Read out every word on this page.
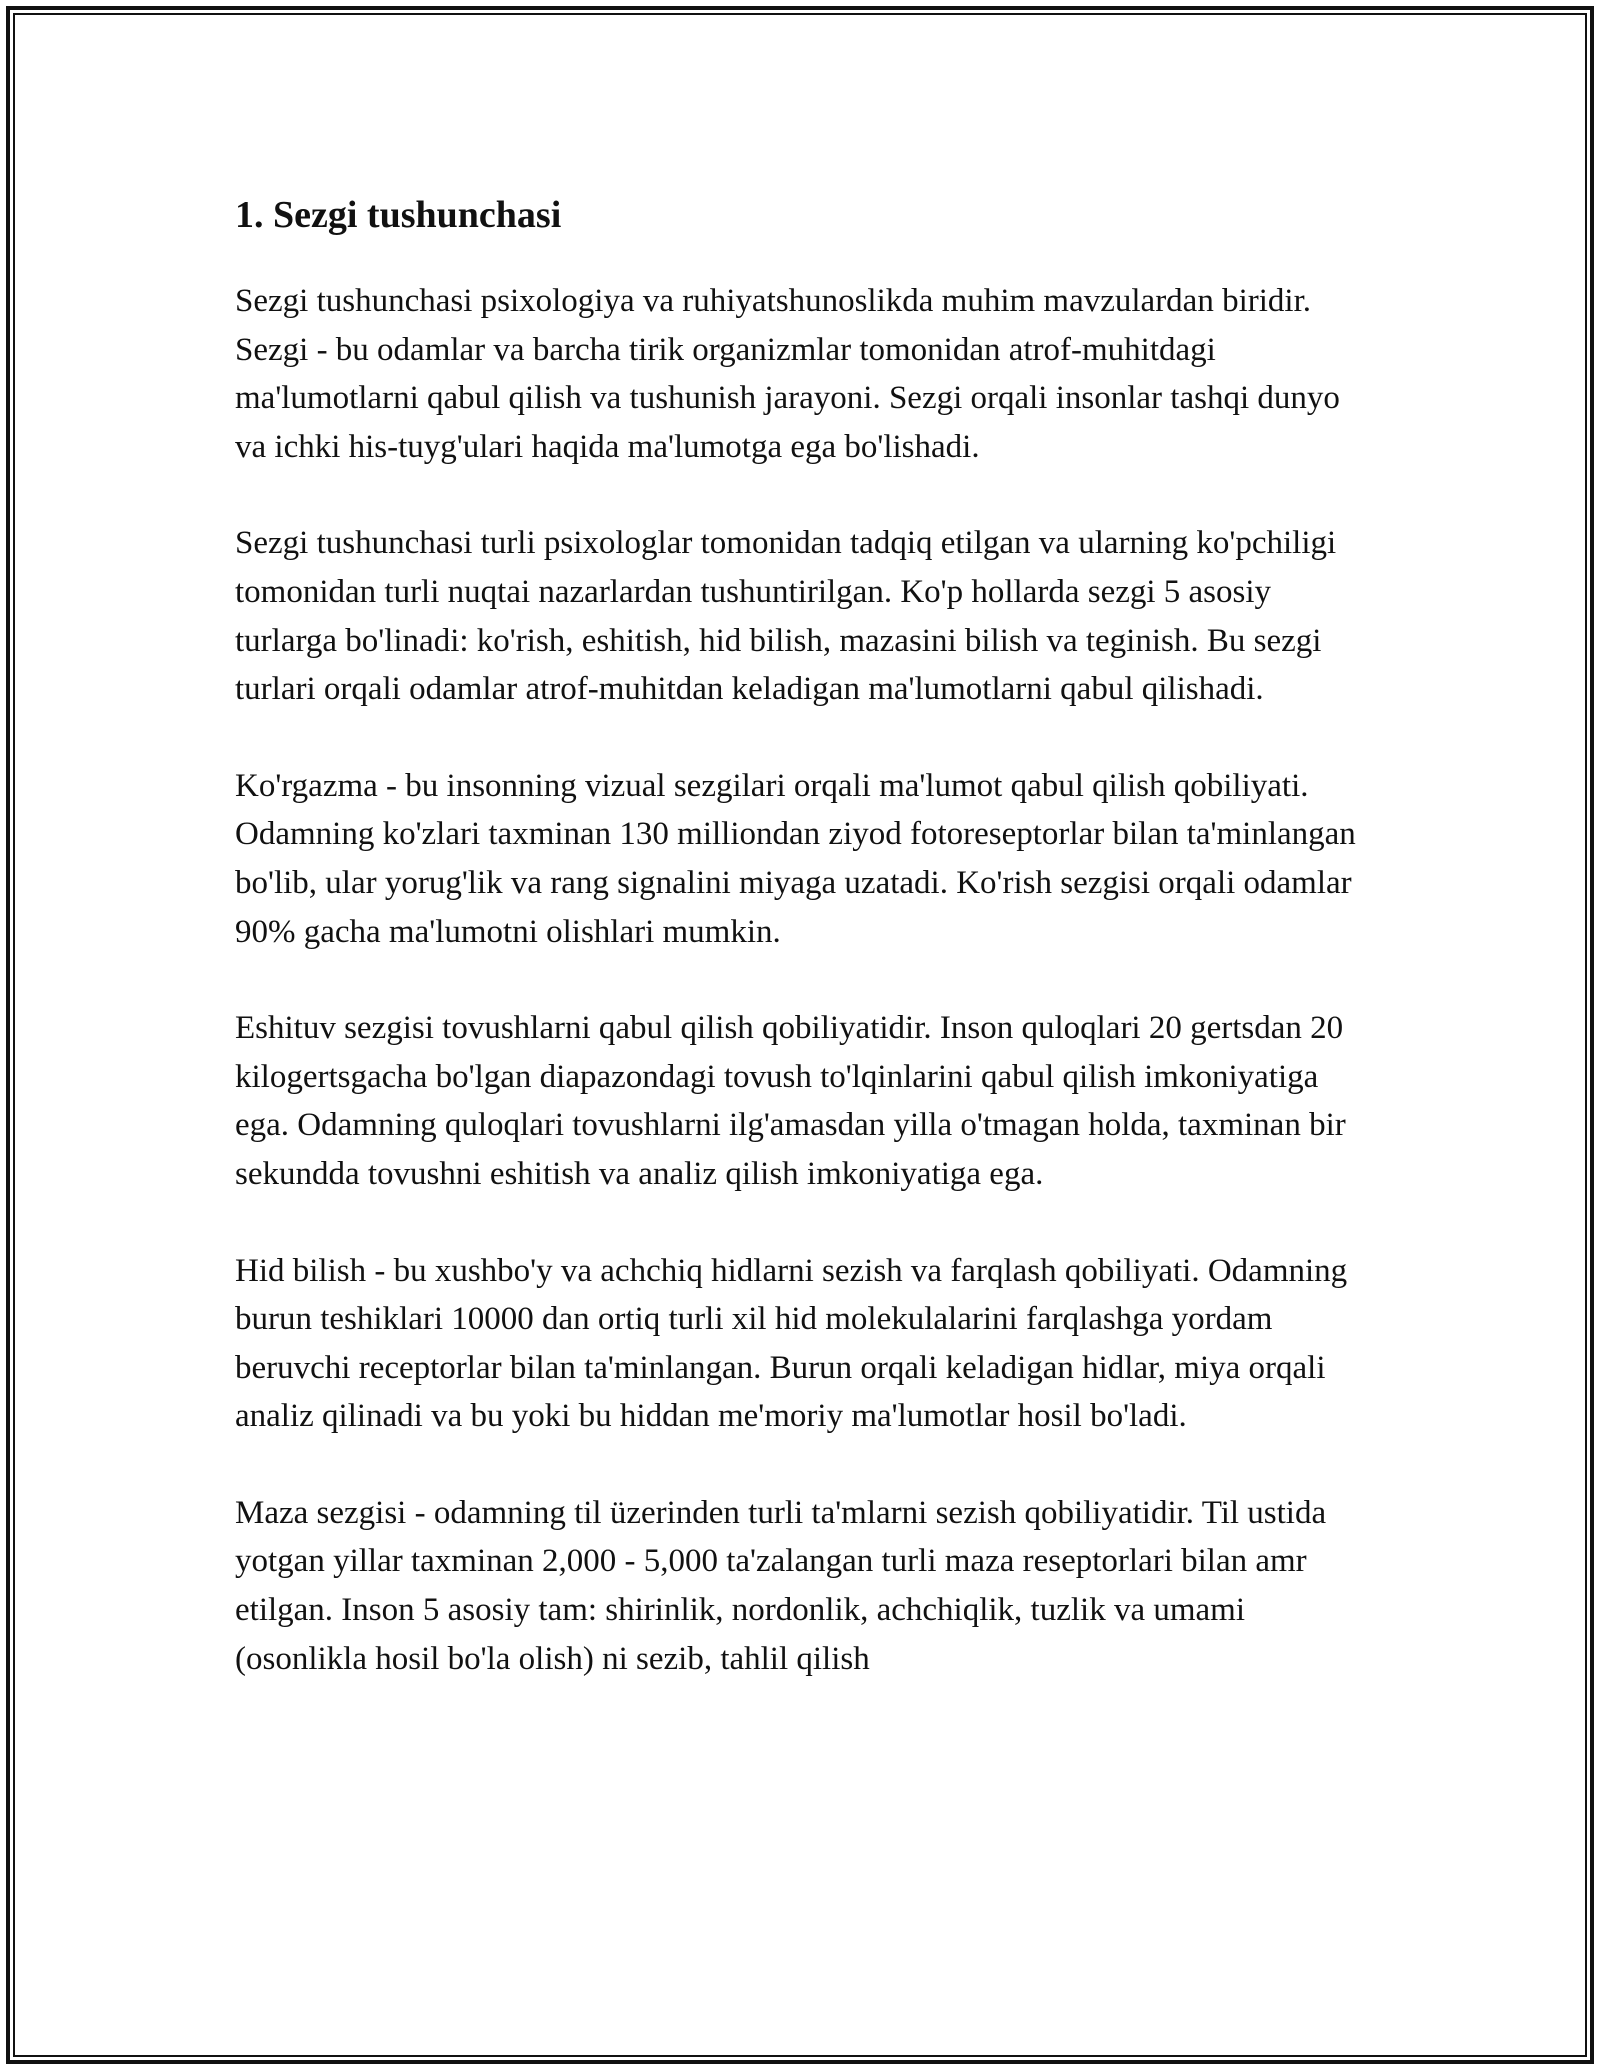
1. Sezgi tushunchasi

Sezgi tushunchasi psixologiya va ruhiyatshunoslikda muhim mavzulardan biridir. Sezgi - bu odamlar va barcha tirik organizmlar tomonidan atrof-muhitdagi ma'lumotlarni qabul qilish va tushunish jarayoni. Sezgi orqali insonlar tashqi dunyo va ichki his-tuyg'ulari haqida ma'lumotga ega bo'lishadi.

Sezgi tushunchasi turli psixologlar tomonidan tadqiq etilgan va ularning ko'pchiligi tomonidan turli nuqtai nazarlardan tushuntirilgan. Ko'p hollarda sezgi 5 asosiy turlarga bo'linadi: ko'rish, eshitish, hid bilish, mazasini bilish va teginish. Bu sezgi turlari orqali odamlar atrof-muhitdan keladigan ma'lumotlarni qabul qilishadi.

Ko'rgazma - bu insonning vizual sezgilari orqali ma'lumot qabul qilish qobiliyati. Odamning ko'zlari taxminan 130 milliondan ziyod fotoreseptorlar bilan ta'minlangan bo'lib, ular yorug'lik va rang signalini miyaga uzatadi. Ko'rish sezgisi orqali odamlar 90% gacha ma'lumotni olishlari mumkin.

Eshituv sezgisi tovushlarni qabul qilish qobiliyatidir. Inson quloqlari 20 gertsdan 20 kilogertsgacha bo'lgan diapazondagi tovush to'lqinlarini qabul qilish imkoniyatiga ega. Odamning quloqlari tovushlarni ilg'amasdan yilla o'tmagan holda, taxminan bir sekundda tovushni eshitish va analiz qilish imkoniyatiga ega.

Hid bilish - bu xushbo'y va achchiq hidlarni sezish va farqlash qobiliyati. Odamning burun teshiklari 10000 dan ortiq turli xil hid molekulalarini farqlashga yordam beruvchi receptorlar bilan ta'minlangan. Burun orqali keladigan hidlar, miya orqali analiz qilinadi va bu yoki bu hiddan me'moriy ma'lumotlar hosil bo'ladi.

Maza sezgisi - odamning til üzerinden turli ta'mlarni sezish qobiliyatidir. Til ustida yotgan yillar taxminan 2,000 - 5,000 ta'zalangan turli maza reseptorlari bilan amr etilgan. Inson 5 asosiy tam: shirinlik, nordonlik, achchiqlik, tuzlik va umami (osonlikla hosil bo'la olish) ni sezib, tahlil qilish
